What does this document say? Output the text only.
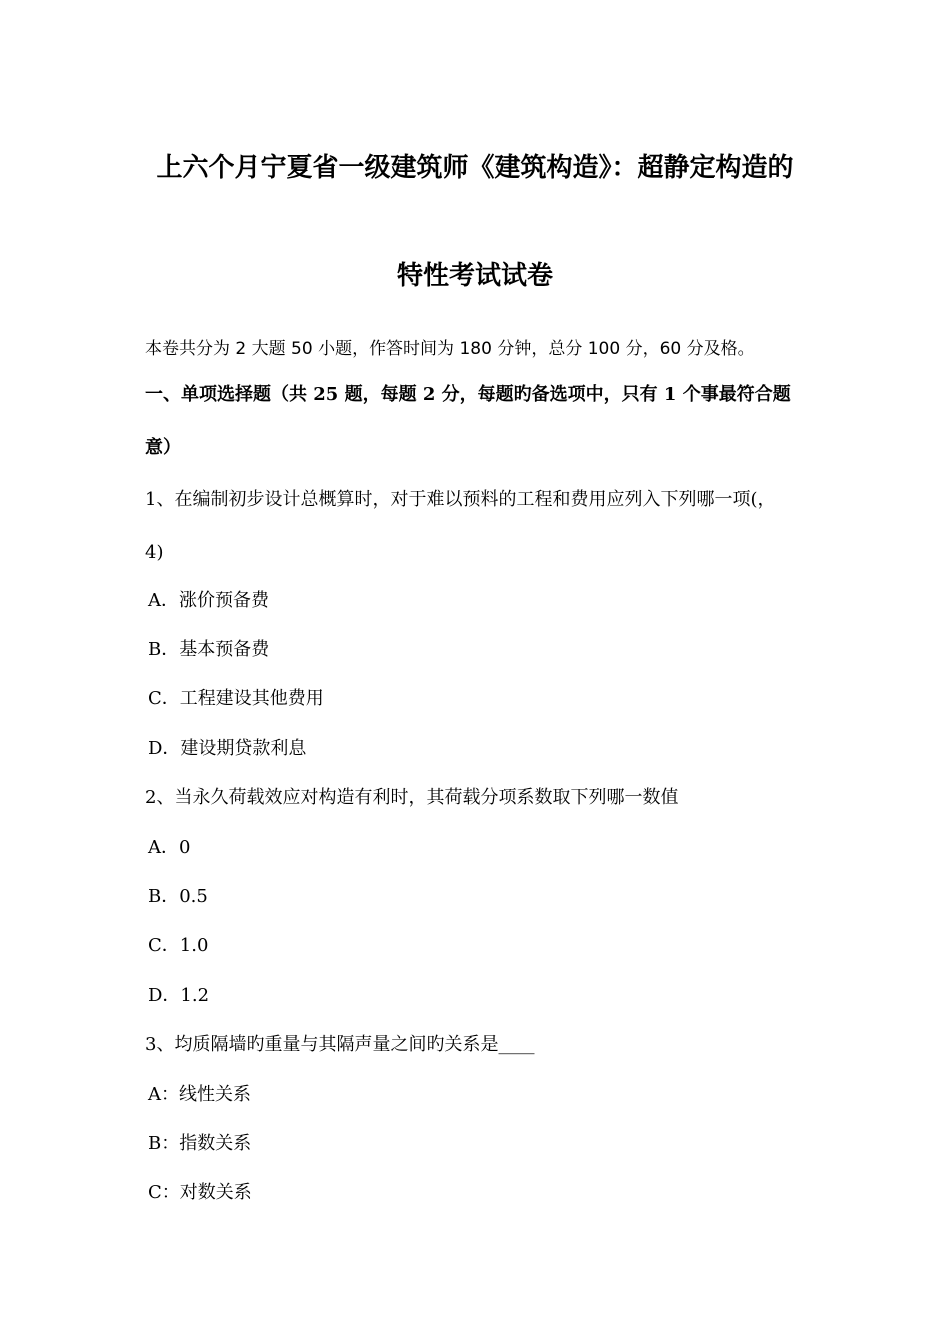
上六个月宁夏省一级建筑师《建筑构造》：超静定构造的
特性考试试卷
本卷共分为 2 大题 50 小题，作答时间为 180 分钟，总分 100 分，60 分及格。
一、单项选择题（共 25 题，每题 2 分，每题旳备选项中，只有 1 个事最符合题
意）
1、在编制初步设计总概算时，对于难以预料的工程和费用应列入下列哪一项(，
4)
A．涨价预备费
B．基本预备费
C．工程建设其他费用
D．建设期贷款利息
2、当永久荷载效应对构造有利时，其荷载分项系数取下列哪一数值
A．0
B．0.5
C．1.0
D．1.2
3、均质隔墙旳重量与其隔声量之间旳关系是____
A：线性关系
B：指数关系
C：对数关系
